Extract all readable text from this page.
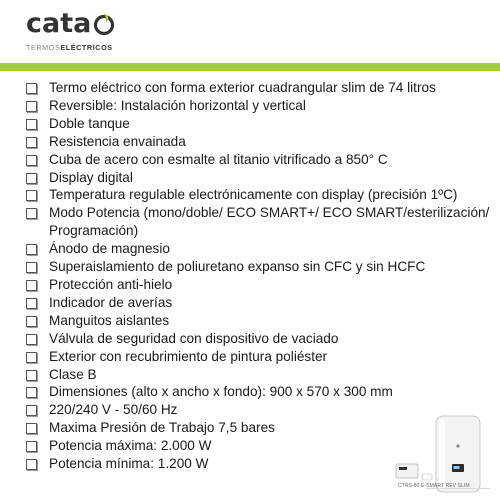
cata
TERMOSELÉCTRICOS
Termo eléctrico con forma exterior cuadrangular slim de 74 litros
Reversible: Instalación horizontal y vertical
Doble tanque
Resistencia envainada
Cuba de acero con esmalte al titanio vitrificado a 850° C
Display digital
Temperatura regulable electrónicamente con display (precisión 1ºC)
Modo Potencia (mono/doble/ ECO SMART+/ ECO SMART/esterilización/ Programación)
Ánodo de magnesio
Superaislamiento de poliuretano expanso sin CFC y sin HCFC
Protección anti-hielo
Indicador de averías
Manguitos aislantes
Válvula de seguridad con dispositivo de vaciado
Exterior con recubrimiento de pintura poliéster
Clase B
Dimensiones (alto x ancho x fondo): 900 x 570 x 300 mm
220/240 V - 50/60 Hz
Maxima Presión de Trabajo 7,5 bares
Potencia máxima: 2.000 W
Potencia mínima: 1.200 W
CTRS-80 E-SMART REV SLIM
